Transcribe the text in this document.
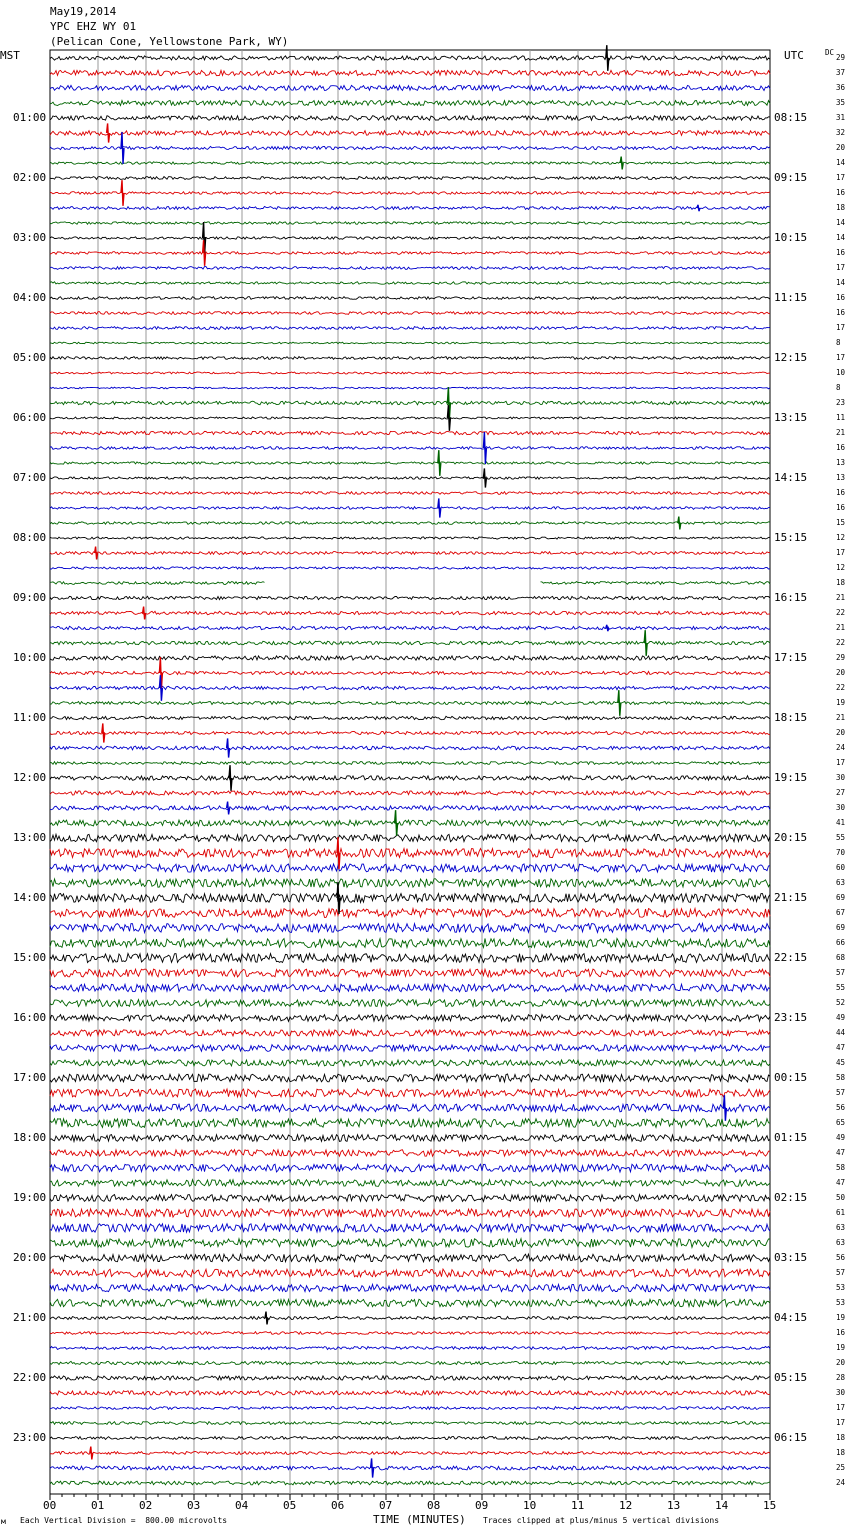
May19,2014
YPC EHZ WY 01
(Pelican Cone, Yellowstone Park, WY)
MST	UTC	DC
01:00
02:00
03:00
04:00
05:00
06:00
07:00
08:00
09:00
10:00
11:00
12:00
13:00
14:00
15:00
16:00
17:00
18:00
19:00
20:00
21:00
22:00
23:00
08:15
09:15
10:15
11:15
12:15
13:15
14:15
15:15
16:15
17:15
18:15
19:15
20:15
21:15
22:15
23:15
00:15
01:15
02:15
03:15
04:15
05:15
06:15
29
37
36
35
31
32
20
14
17
16
18
14
14
16
17
14
16
16
17
8
17
10
8
23
11
21
16
13
13
16
16
15
12
17
12
18
21
22
21
22
29
20
22
19
21
20
24
17
30
27
30
41
55
70
60
63
69
67
69
66
68
57
55
52
49
44
47
45
58
57
56
65
49
47
58
47
50
61
63
63
56
57
53
53
19
16
19
20
28
30
17
17
18
18
25
24
00	01	02	03	04	05	06	07	08	09	10	11	12	13	14	15
м Each Vertical Division =  800.00 microvolts	TIME (MINUTES) Traces clipped at plus/minus 5 vertical divisions
